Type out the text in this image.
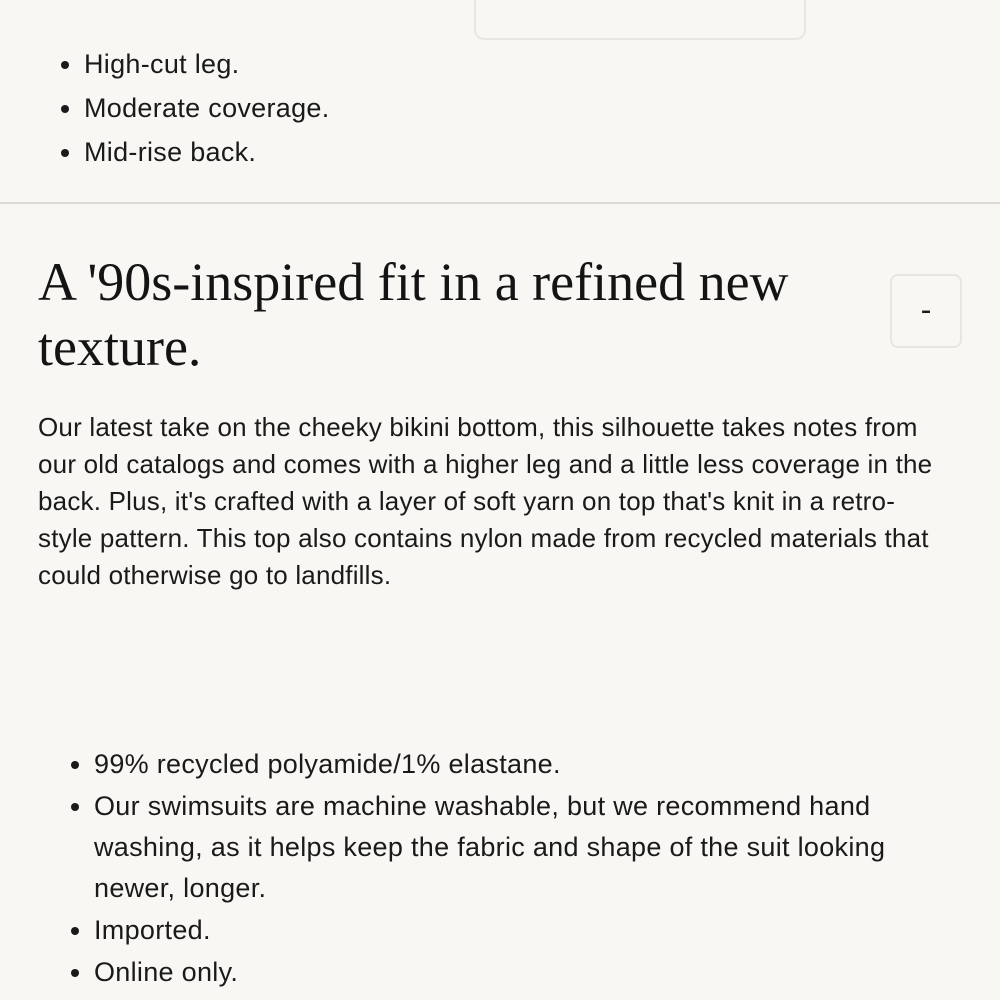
• High-cut leg.
• Moderate coverage.
• Mid-rise back.
A '90s-inspired fit in a refined new texture.
-

Our latest take on the cheeky bikini bottom, this silhouette takes notes from our old catalogs and comes with a higher leg and a little less coverage in the back. Plus, it's crafted with a layer of soft yarn on top that's knit in a retro-style pattern. This top also contains nylon made from recycled materials that could otherwise go to landfills.

• 99% recycled polyamide/1% elastane.
• Our swimsuits are machine washable, but we recommend hand washing, as it helps keep the fabric and shape of the suit looking newer, longer.
• Imported.
• Online only.
